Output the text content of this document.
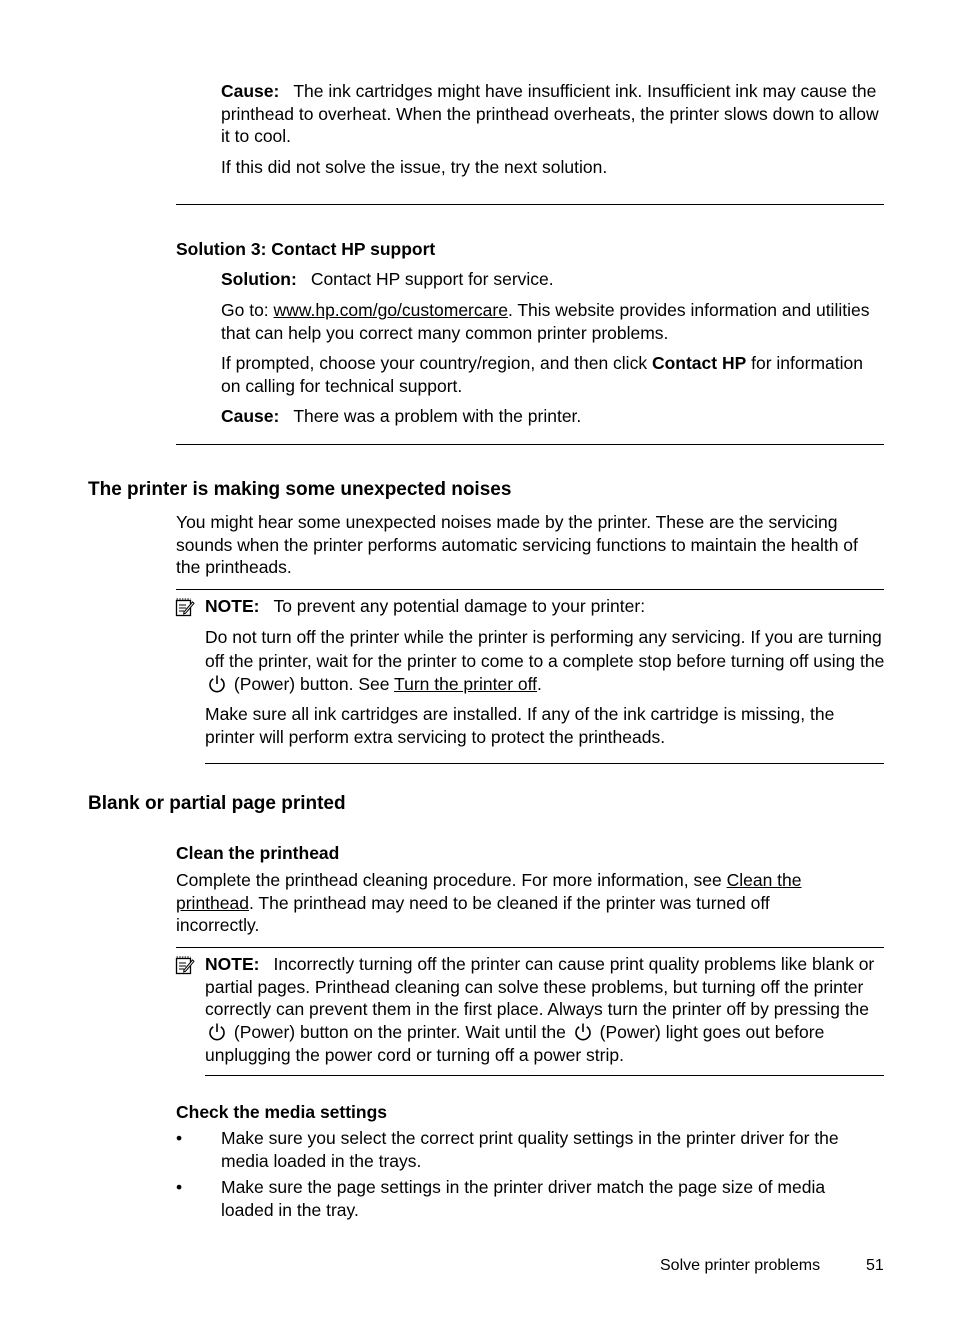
Cause: The ink cartridges might have insufficient ink. Insufficient ink may cause the printhead to overheat. When the printhead overheats, the printer slows down to allow it to cool.

If this did not solve the issue, try the next solution.
Solution 3: Contact HP support

Solution: Contact HP support for service.

Go to: www.hp.com/go/customercare. This website provides information and utilities that can help you correct many common printer problems.

If prompted, choose your country/region, and then click Contact HP for information on calling for technical support.

Cause: There was a problem with the printer.

The printer is making some unexpected noises
You might hear some unexpected noises made by the printer. These are the servicing sounds when the printer performs automatic servicing functions to maintain the health of the printheads.

NOTE: To prevent any potential damage to your printer:

Do not turn off the printer while the printer is performing any servicing. If you are turning off the printer, wait for the printer to come to a complete stop before turning off using the  (Power) button. See Turn the printer off.

Make sure all ink cartridges are installed. If any of the ink cartridge is missing, the printer will perform extra servicing to protect the printheads.
Blank or partial page printed
Clean the printhead

Complete the printhead cleaning procedure. For more information, see Clean the printhead. The printhead may need to be cleaned if the printer was turned off incorrectly.

NOTE: Incorrectly turning off the printer can cause print quality problems like blank or partial pages. Printhead cleaning can solve these problems, but turning off the printer correctly can prevent them in the first place. Always turn the printer off by pressing the  (Power) button on the printer. Wait until the  (Power) light goes out before unplugging the power cord or turning off a power strip.

Check the media settings
• Make sure you select the correct print quality settings in the printer driver for the media loaded in the trays.
• Make sure the page settings in the printer driver match the page size of media loaded in the tray.
Solve printer problems	51
